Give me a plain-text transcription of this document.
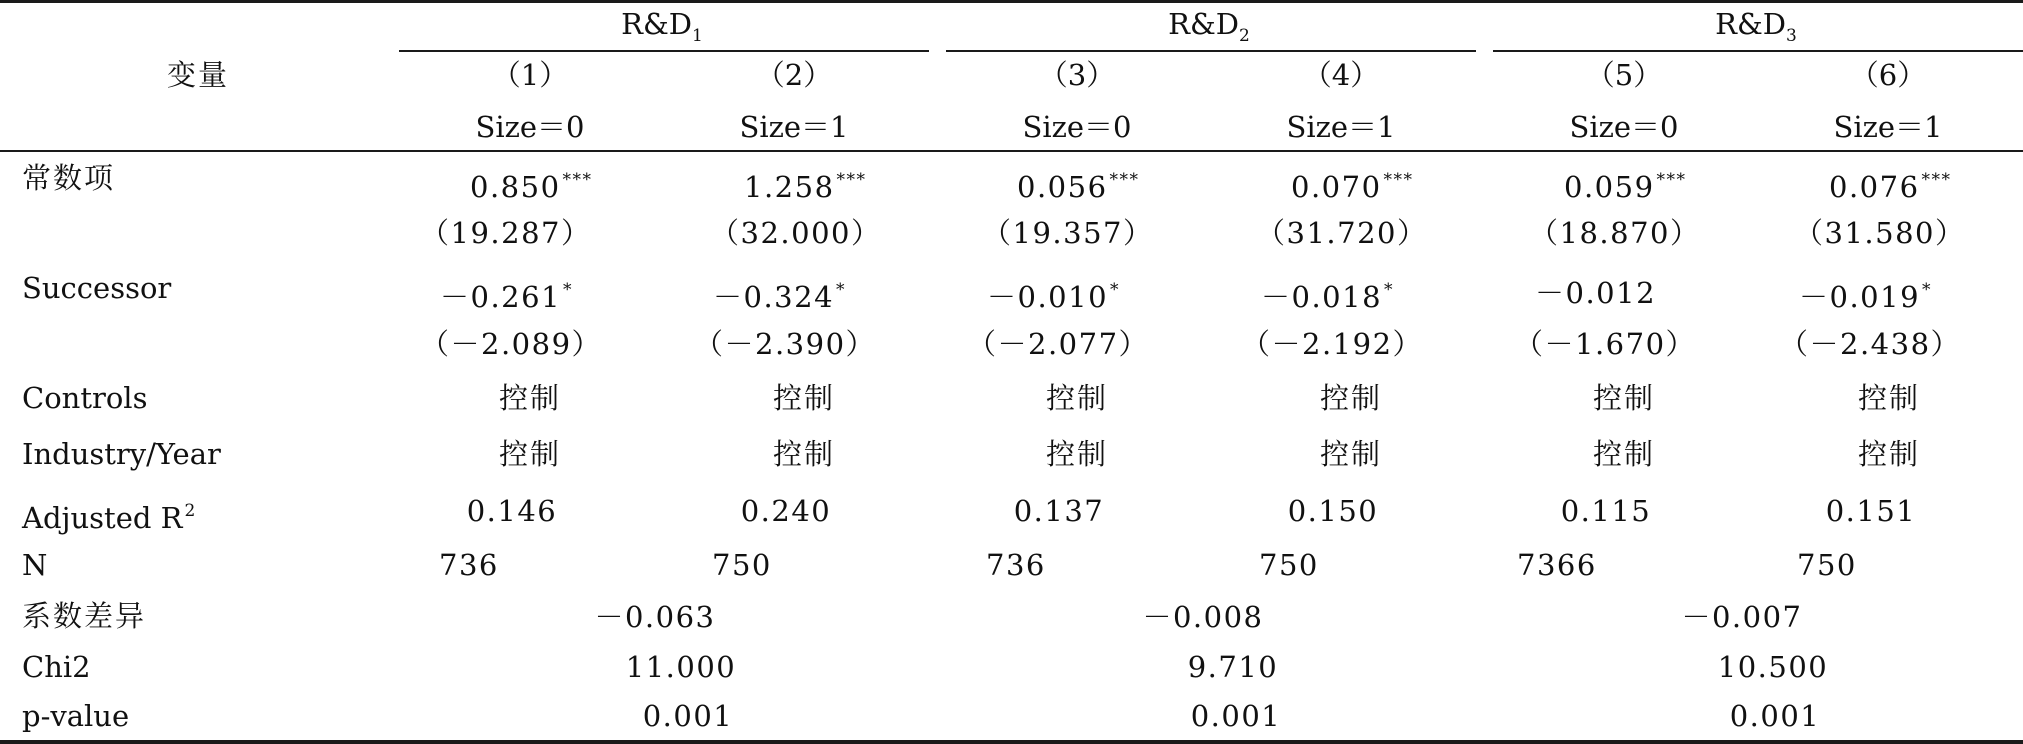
变量
$R\&D_1$	$R\&D_2$	$R\&D_3$
（1）	（2）	（3）	（4）	（5）	（6）
Size＝0	Size＝1	Size＝0	Size＝1	Size＝0	Size＝1
常数项	0.850 ***	1.258 ***	0.056 ***	0.070 ***	0.059 ***	0.076 ***
（19.287）	（32.000）	（19.357）	（31.720）	（18.870）	（31.580）
Successor	－0.261 *	－0.324 *	－0.010 *	－0.018 *	－0.012	－0.019 *
（－2.089）	（－2.390）	（－2.077）	（－2.192）	（－1.670）	（－2.438）
Controls	控制	控制	控制	控制	控制	控制
Industry/Year	控制	控制	控制	控制	控制	控制
Adjusted R $^2$	0.146	0.240	0.137	0.150	0.115	0.151
N	736	750	736	750	7366	750
系数差异	－0.063	－0.008	－0.007
Chi2	11.000	9.710	10.500
p-value	0.001	0.001	0.001
